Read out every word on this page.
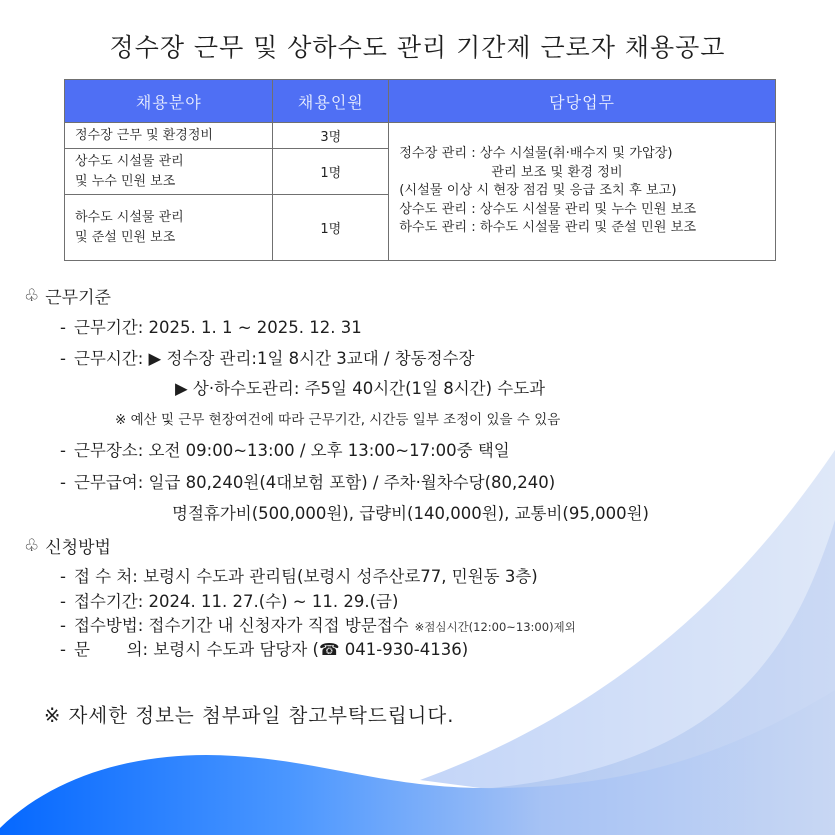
정수장 근무 및 상하수도 관리 기간제 근로자 채용공고
채용분야	채용인원	담당업무
정수장 근무 및 환경정비	3명	정수장 관리 : 상수 시설물(취·배수지 및 가압장)
관리 보조 및 환경 정비
(시설물 이상 시 현장 점검 및 응급 조치 후 보고)
상수도 관리 : 상수도 시설물 관리 및 누수 민원 보조
하수도 관리 : 하수도 시설물 관리 및 준설 민원 보조

상수도 시설물 관리
및 누수 민원 보조	1명	

하수도 시설물 관리
및 준설 민원 보조	1명	
♧ 근무기준
- 근무기간: 2025. 1. 1 ~ 2025. 12. 31
- 근무시간: ▶ 정수장 관리:1일 8시간 3교대 / 창동정수장
▶ 상·하수도관리: 주5일 40시간(1일 8시간) 수도과
※ 예산 및 근무 현장여건에 따라 근무기간, 시간등 일부 조정이 있을 수 있음
- 근무장소: 오전 09:00~13:00 / 오후 13:00~17:00중 택일
- 근무급여: 일급 80,240원(4대보험 포함) / 주차·월차수당(80,240)
명절휴가비(500,000원), 급량비(140,000원), 교통비(95,000원)
♧ 신청방법
- 접 수 처: 보령시 수도과 관리팀(보령시 성주산로77, 민원동 3층)
- 접수기간: 2024. 11. 27.(수) ~ 11. 29.(금)
- 접수방법: 접수기간 내 신청자가 직접 방문접수 ※점심시간(12:00~13:00)제외
- 문       의: 보령시 수도과 담당자 (☎ 041-930-4136)
※ 자세한 정보는 첨부파일 참고부탁드립니다.
